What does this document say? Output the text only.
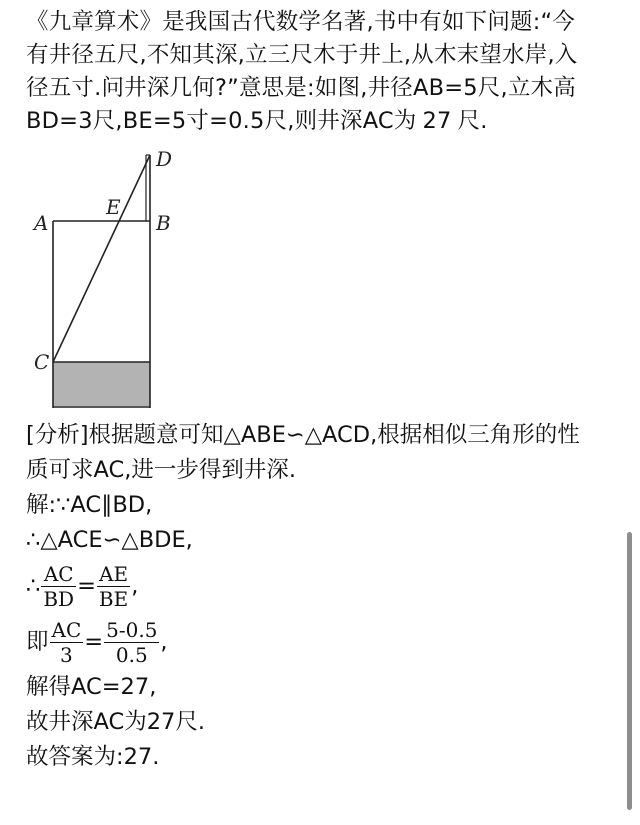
《九章算术》是我国古代数学名著,书中有如下问题:“今
有井径五尺,不知其深,立三尺木于井上,从木末望水岸,入
径五寸.问井深几何?”意思是:如图,井径AB=5尺,立木高
BD=3尺,BE=5寸=0.5尺,则井深AC为 27 尺.
D
E
A	B
C
[分析]根据题意可知△ABE∽△ACD,根据相似三角形的性
质可求AC,进一步得到井深.
解:∵AC∥BD,
∴△ACE∽△BDE,
∴ $\frac{AC}{BD} = \frac{AE}{BE}$ ,
即 $\frac{AC}{3} = \frac{5-0.5}{0.5}$ ,
解得AC=27,
故井深AC为27尺.
故答案为:27.
